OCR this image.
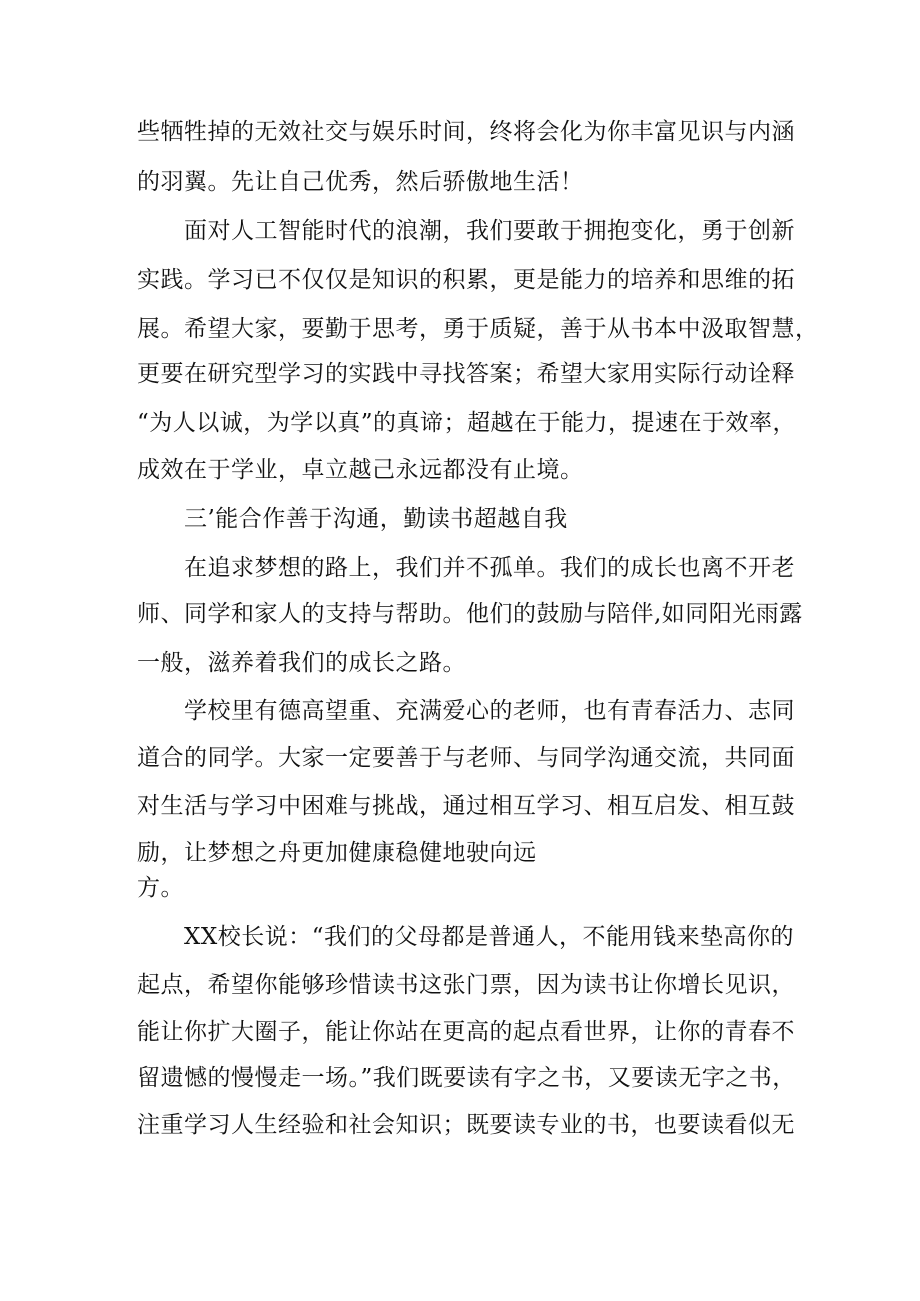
些牺牲掉的无效社交与娱乐时间，终将会化为你丰富见识与内涵
的羽翼。先让自己优秀，然后骄傲地生活！
面对人工智能时代的浪潮，我们要敢于拥抱变化，勇于创新
实践。学习已不仅仅是知识的积累，更是能力的培养和思维的拓
展。希望大家，要勤于思考，勇于质疑，善于从书本中汲取智慧，
更要在研究型学习的实践中寻找答案；希望大家用实际行动诠释
“为人以诚，为学以真”的真谛；超越在于能力，提速在于效率，
成效在于学业，卓立越己永远都没有止境。
三’能合作善于沟通，勤读书超越自我
在追求梦想的路上，我们并不孤单。我们的成长也离不开老
师、同学和家人的支持与帮助。他们的鼓励与陪伴,如同阳光雨露
一般，滋养着我们的成长之路。
学校里有德高望重、充满爱心的老师，也有青春活力、志同
道合的同学。大家一定要善于与老师、与同学沟通交流，共同面
对生活与学习中困难与挑战，通过相互学习、相互启发、相互鼓
励，让梦想之舟更加健康稳健地驶向远
方。
XX校长说：“我们的父母都是普通人，不能用钱来垫高你的
起点，希望你能够珍惜读书这张门票，因为读书让你增长见识，
能让你扩大圈子，能让你站在更高的起点看世界，让你的青春不
留遗憾的慢慢走一场。”我们既要读有字之书，又要读无字之书，
注重学习人生经验和社会知识；既要读专业的书，也要读看似无
